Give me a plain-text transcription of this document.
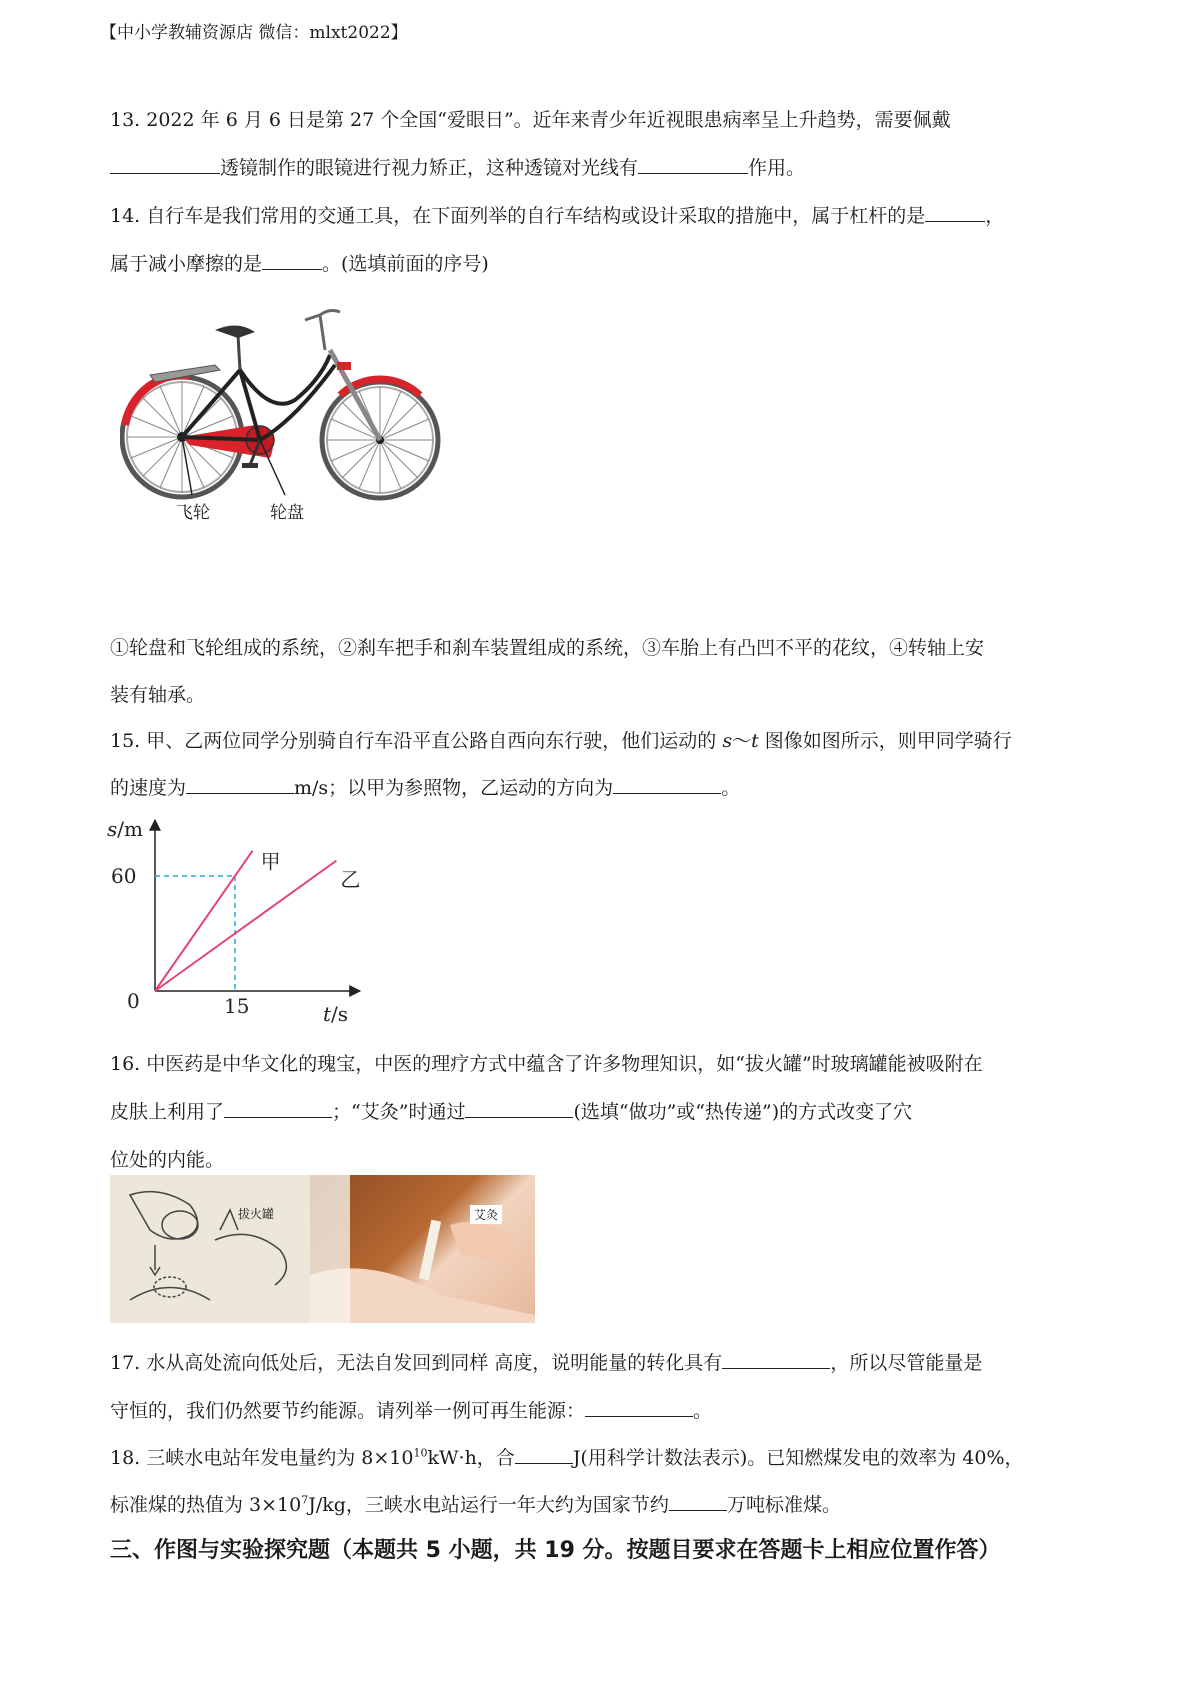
【中小学教辅资源店 微信：mlxt2022】
13. 2022 年 6 月 6 日是第 27 个全国“爱眼日”。近年来青少年近视眼患病率呈上升趋势，需要佩戴
透镜制作的眼镜进行视力矫正，这种透镜对光线有	作用。
14. 自行车是我们常用的交通工具，在下面列举的自行车结构或设计采取的措施中，属于杠杆的是	，
属于减小摩擦的是	。(选填前面的序号)
飞轮	轮盘
①轮盘和飞轮组成的系统，②刹车把手和刹车装置组成的系统，③车胎上有凸凹不平的花纹，④转轴上安
装有轴承。
15. 甲、乙两位同学分别骑自行车沿平直公路自西向东行驶，他们运动的 s～t 图像如图所示，则甲同学骑行
的速度为	m/s；以甲为参照物，乙运动的方向为	。
甲
乙
60
15
0
s/m
t/s
16. 中医药是中华文化的瑰宝，中医的理疗方式中蕴含了许多物理知识，如“拔火罐”时玻璃罐能被吸附在
皮肤上利用了	；“艾灸”时通过	(选填“做功”或“热传递”)的方式改变了穴
位处的内能。
拔火罐	艾灸
17. 水从高处流向低处后，无法自发回到同样 高度，说明能量的转化具有	，所以尽管能量是
守恒的，我们仍然要节约能源。请列举一例可再生能源：	。
18. 三峡水电站年发电量约为 $8\times 10^{10}kW\cdot h$，合	J(用科学计数法表示)。已知燃煤发电的效率为 40%，
标准煤的热值为 $3\times 10^7J/kg$，三峡水电站运行一年大约为国家节约	万吨标准煤。
三、作图与实验探究题（本题共 5 小题，共 19 分。按题目要求在答题卡上相应位置作答）
